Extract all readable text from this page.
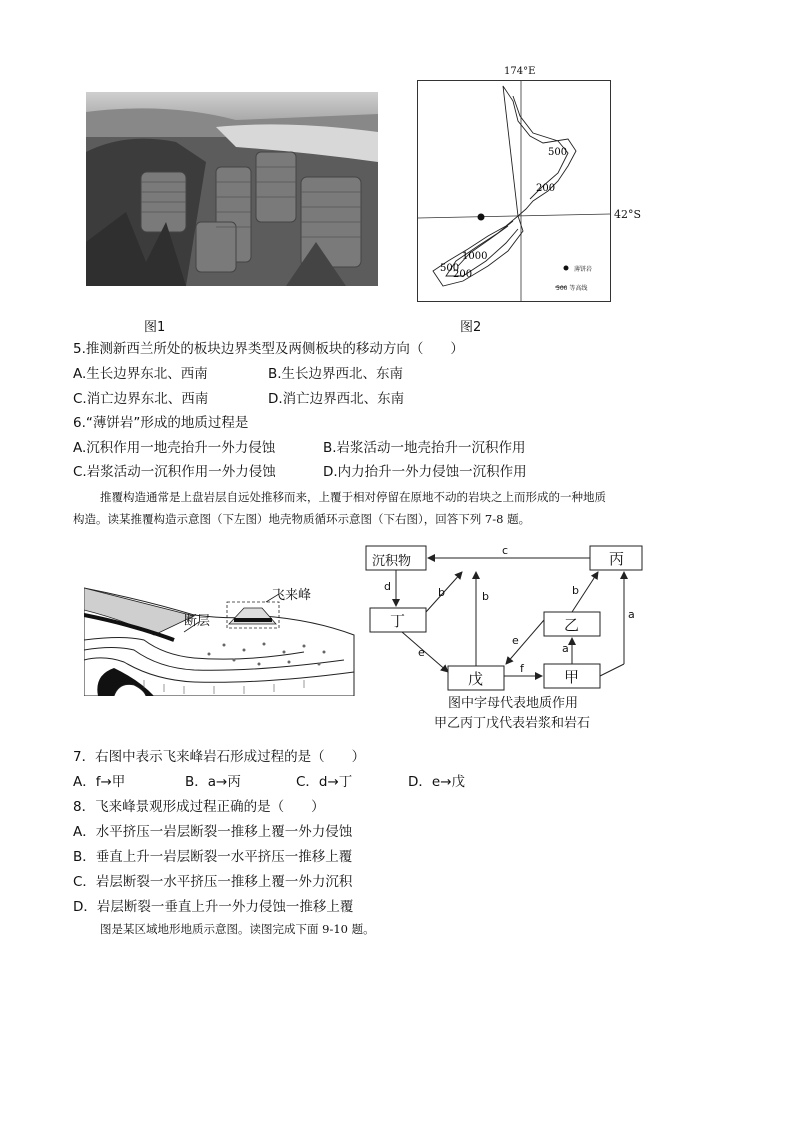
图1
174°E
500
200
1000
500
200	薄饼岩
500 等高线
42°S
图2
5.推测新西兰所处的板块边界类型及两侧板块的移动方向（　　）
A.生长边界东北、西南	B.生长边界西北、东南
C.消亡边界东北、西南	D.消亡边界西北、东南
6.“薄饼岩”形成的地质过程是
A.沉积作用一地壳抬升一外力侵蚀	B.岩浆活动一地壳抬升一沉积作用
C.岩浆活动一沉积作用一外力侵蚀	D.内力抬升一外力侵蚀一沉积作用
推覆构造通常是上盘岩层自远处推移而来，上覆于相对停留在原地不动的岩块之上而形成的一种地质
构造。读某推覆构造示意图（下左图）地壳物质循环示意图（下右图），回答下列 7-8 题。
断层
飞来峰
沉积物	丙
丁	乙
戊	甲
c
d	b	b	b
e
e
f
a
a
图中字母代表地质作用
甲乙丙丁戊代表岩浆和岩石
7．右图中表示飞来峰岩石形成过程的是（　　）
A．f→甲	B．a→丙	C．d→丁	D．e→戊
8．飞来峰景观形成过程正确的是（　　）
A．水平挤压一岩层断裂一推移上覆一外力侵蚀
B．垂直上升一岩层断裂一水平挤压一推移上覆
C．岩层断裂一水平挤压一推移上覆一外力沉积
D．岩层断裂一垂直上升一外力侵蚀一推移上覆
图是某区域地形地质示意图。读图完成下面 9-10 题。
